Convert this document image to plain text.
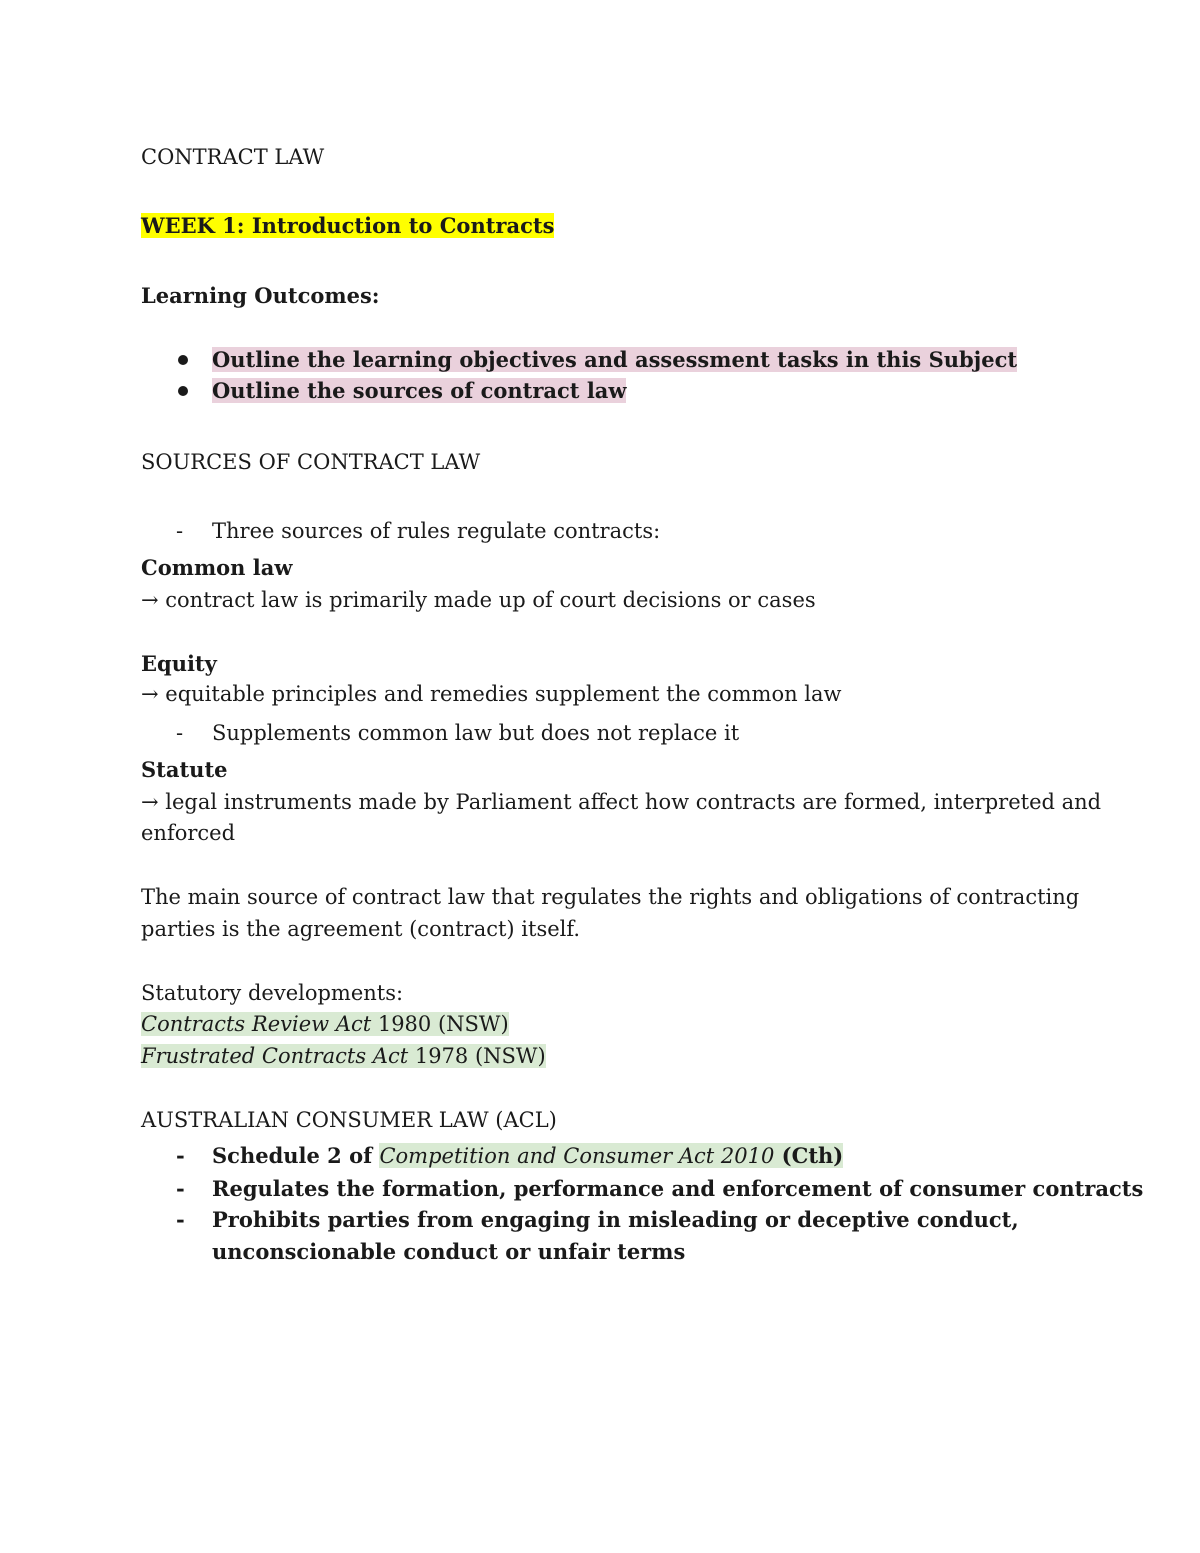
CONTRACT LAW
WEEK 1: Introduction to Contracts
Learning Outcomes:
Outline the learning objectives and assessment tasks in this Subject
Outline the sources of contract law
SOURCES OF CONTRACT LAW
- Three sources of rules regulate contracts:
Common law
→ contract law is primarily made up of court decisions or cases
Equity
→ equitable principles and remedies supplement the common law
- Supplements common law but does not replace it
Statute
→ legal instruments made by Parliament affect how contracts are formed, interpreted and
enforced
The main source of contract law that regulates the rights and obligations of contracting
parties is the agreement (contract) itself.
Statutory developments:
Contracts Review Act 1980 (NSW)
Frustrated Contracts Act 1978 (NSW)
AUSTRALIAN CONSUMER LAW (ACL)
- Schedule 2 of Competition and Consumer Act 2010 (Cth)
- Regulates the formation, performance and enforcement of consumer contracts
- Prohibits parties from engaging in misleading or deceptive conduct,
unconscionable conduct or unfair terms
